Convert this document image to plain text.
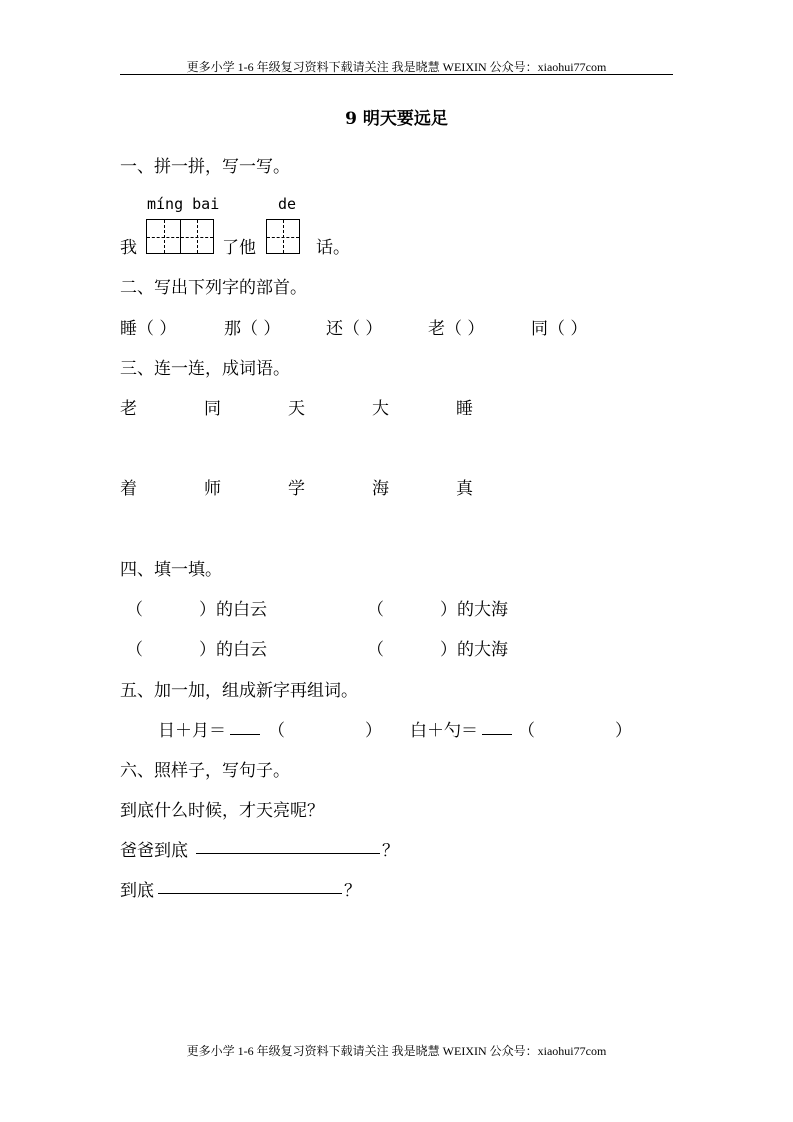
更多小学 1-6 年级复习资料下载请关注 我是晓慧 WEIXIN 公众号：xiaohui77com
9 明天要远足
一、拼一拼，写一写。
míng bai	de
我	了他	话。
二、写出下列字的部首。
睡（ ）	那（ ）	还（ ）	老（ ）	同（ ）
三、连一连，成词语。
老	同	天	大	睡
着	师	学	海	真
四、填一填。
（	）的白云	（	）的大海
（	）的白云	（	）的大海
五、加一加，组成新字再组词。
日＋月＝ （	） 白＋勺＝ （	）
六、照样子，写句子。
到底什么时候，才天亮呢？
爸爸到底	？
到底	？
更多小学 1-6 年级复习资料下载请关注 我是晓慧 WEIXIN 公众号：xiaohui77com
